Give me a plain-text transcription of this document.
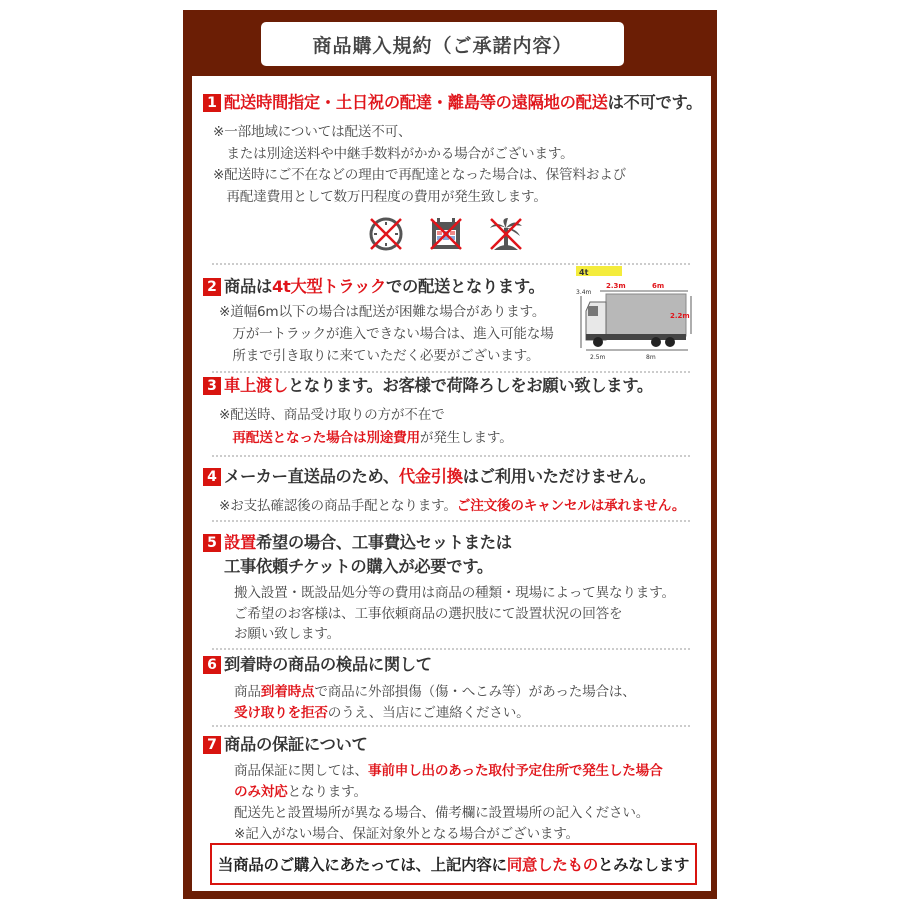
商品購入規約（ご承諾内容）
1 配送時間指定・土日祝の配達・離島等の遠隔地の配送は不可です。
※一部地域については配送不可、
　または別途送料や中継手数料がかかる場合がございます。
※配送時にご不在などの理由で再配達となった場合は、保管料および
　再配達費用として数万円程度の費用が発生致します。
2 商品は4t大型トラックでの配送となります。
※道幅6m以下の場合は配送が困難な場合があります。
　万が一トラックが進入できない場合は、進入可能な場
　所まで引き取りに来ていただく必要がございます。
3 車上渡しとなります。お客様で荷降ろしをお願い致します。
※配送時、商品受け取りの方が不在で
　再配送となった場合は別途費用が発生します。
4 メーカー直送品のため、代金引換はご利用いただけません。
※お支払確認後の商品手配となります。ご注文後のキャンセルは承れません。
5 設置希望の場合、工事費込セットまたは
工事依頼チケットの購入が必要です。
搬入設置・既設品処分等の費用は商品の種類・現場によって異なります。
ご希望のお客様は、工事依頼商品の選択肢にて設置状況の回答を
お願い致します。
6 到着時の商品の検品に関して
商品到着時点で商品に外部損傷（傷・へこみ等）があった場合は、
受け取りを拒否のうえ、当店にご連絡ください。
7 商品の保証について
商品保証に関しては、事前申し出のあった取付予定住所で発生した場合
のみ対応となります。
配送先と設置場所が異なる場合、備考欄に設置場所の記入ください。
※記入がない場合、保証対象外となる場合がございます。
4t
2.3m	6m
3.4m
2.2m
2.5m	8m
当商品のご購入にあたっては、上記内容に 同意したもの とみなします
